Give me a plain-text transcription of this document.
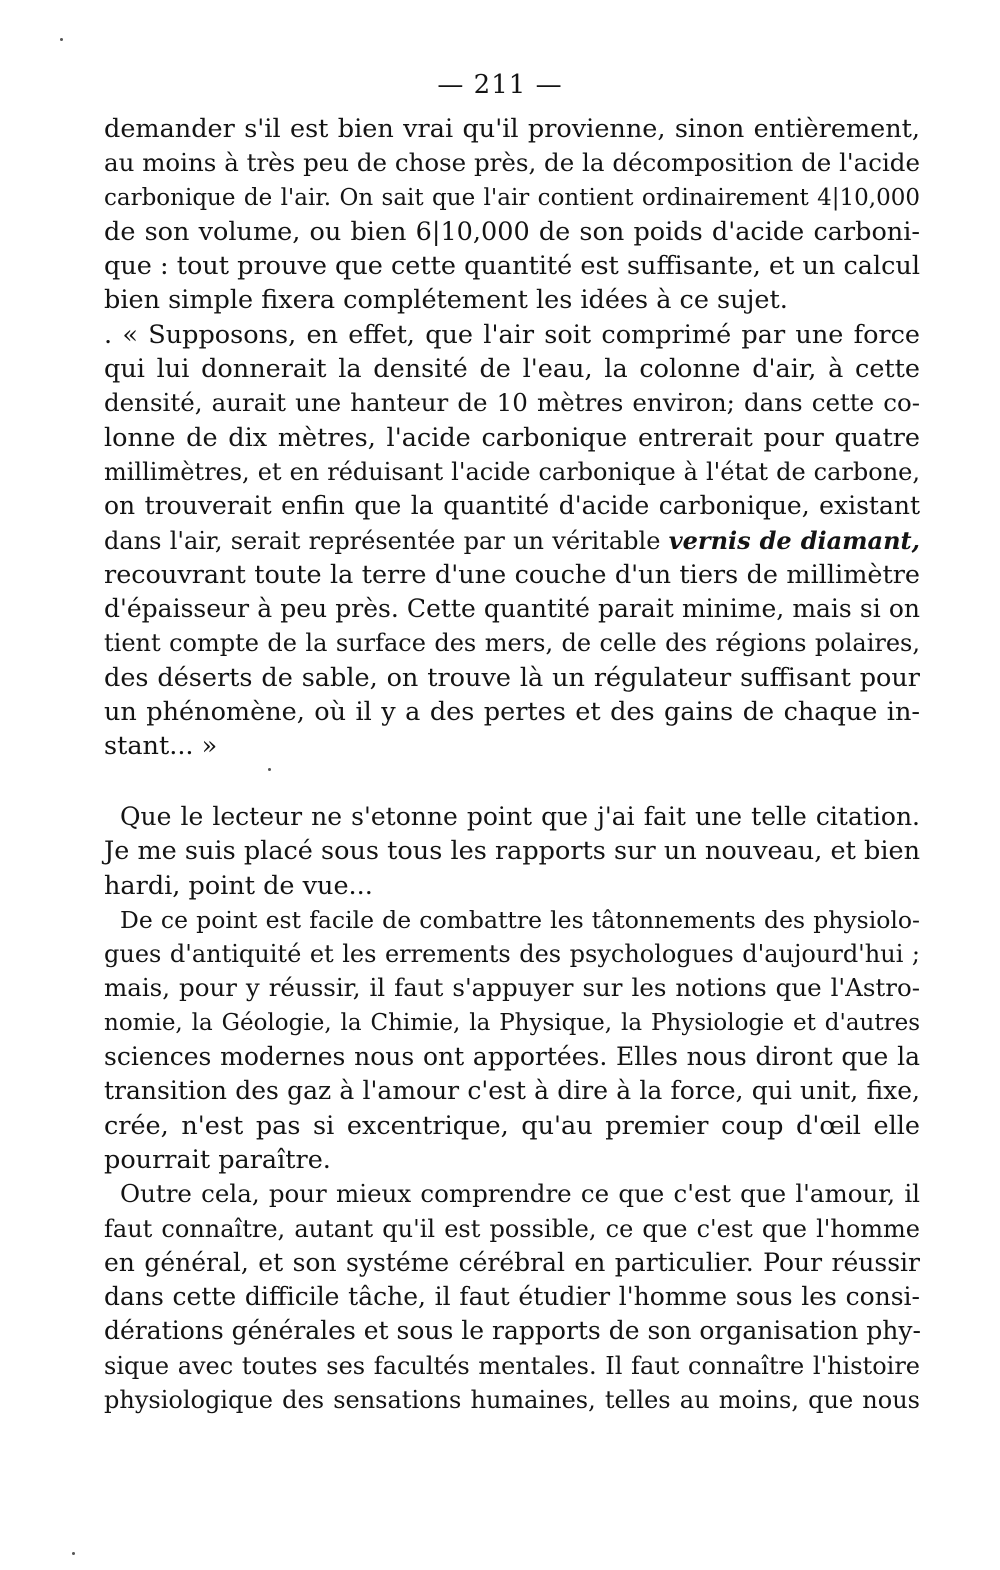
— 211 —
demander s'il est bien vrai qu'il provienne, sinon entièrement,
au moins à très peu de chose près, de la décomposition de l'acide
carbonique de l'air. On sait que l'air contient ordinairement 4|10,000
de son volume, ou bien 6|10,000 de son poids d'acide carboni-
que : tout prouve que cette quantité est suffisante, et un calcul
bien simple fixera complétement les idées à ce sujet.
. « Supposons, en effet, que l'air soit comprimé par une force
qui lui donnerait la densité de l'eau, la colonne d'air, à cette
densité, aurait une hanteur de 10 mètres environ; dans cette co-
lonne de dix mètres, l'acide carbonique entrerait pour quatre
millimètres, et en réduisant l'acide carbonique à l'état de carbone,
on trouverait enfin que la quantité d'acide carbonique, existant
dans l'air, serait représentée par un véritable vernis de diamant,
recouvrant toute la terre d'une couche d'un tiers de millimètre
d'épaisseur à peu près. Cette quantité parait minime, mais si on
tient compte de la surface des mers, de celle des régions polaires,
des déserts de sable, on trouve là un régulateur suffisant pour
un phénomène, où il y a des pertes et des gains de chaque in-
stant... »
Que le lecteur ne s'etonne point que j'ai fait une telle citation.
Je me suis placé sous tous les rapports sur un nouveau, et bien
hardi, point de vue...
De ce point est facile de combattre les tâtonnements des physiolo-
gues d'antiquité et les errements des psychologues d'aujourd'hui ;
mais, pour y réussir, il faut s'appuyer sur les notions que l'Astro-
nomie, la Géologie, la Chimie, la Physique, la Physiologie et d'autres
sciences modernes nous ont apportées. Elles nous diront que la
transition des gaz à l'amour c'est à dire à la force, qui unit, fixe,
crée, n'est pas si excentrique, qu'au premier coup d'œil elle
pourrait paraître.
Outre cela, pour mieux comprendre ce que c'est que l'amour, il
faut connaître, autant qu'il est possible, ce que c'est que l'homme
en général, et son systéme cérébral en particulier. Pour réussir
dans cette difficile tâche, il faut étudier l'homme sous les consi-
dérations générales et sous le rapports de son organisation phy-
sique avec toutes ses facultés mentales. Il faut connaître l'histoire
physiologique des sensations humaines, telles au moins, que nous
